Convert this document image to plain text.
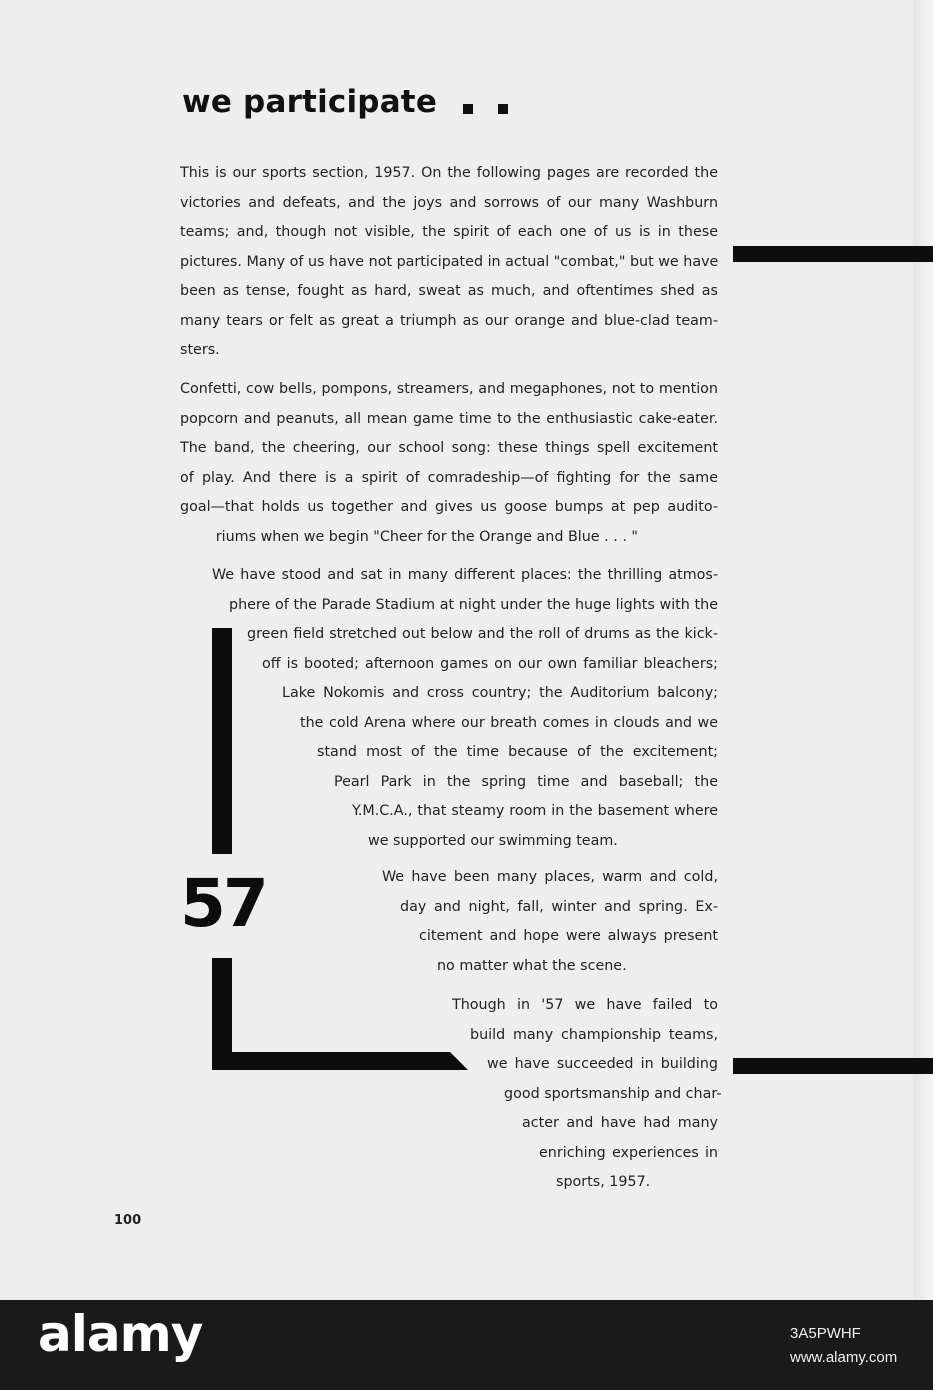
we participate

This is our sports section, 1957. On the following pages are recorded the
victories and defeats, and the joys and sorrows of our many Washburn
teams; and, though not visible, the spirit of each one of us is in these
pictures. Many of us have not participated in actual "combat," but we have
been as tense, fought as hard, sweat as much, and oftentimes shed as
many tears or felt as great a triumph as our orange and blue-clad team-
sters.

Confetti, cow bells, pompons, streamers, and megaphones, not to mention
popcorn and peanuts, all mean game time to the enthusiastic cake-eater.
The band, the cheering, our school song: these things spell excitement
of play. And there is a spirit of comradeship—of fighting for the same
goal—that holds us together and gives us goose bumps at pep audito-
riums when we begin "Cheer for the Orange and Blue . . . "

We have stood and sat in many different places: the thrilling atmos-
phere of the Parade Stadium at night under the huge lights with the
green field stretched out below and the roll of drums as the kick-
off is booted; afternoon games on our own familiar bleachers;
Lake Nokomis and cross country; the Auditorium balcony;
the cold Arena where our breath comes in clouds and we
stand most of the time because of the excitement;
Pearl Park in the spring time and baseball; the
Y.M.C.A., that steamy room in the basement where
we supported our swimming team.

57	We have been many places, warm and cold,
day and night, fall, winter and spring. Ex-
citement and hope were always present
no matter what the scene.

Though in '57 we have failed to
build many championship teams,
we have succeeded in building
good sportsmanship and char-
acter and have had many
enriching experiences in
sports, 1957.

100
alamy	3A5PWHF
www.alamy.com
